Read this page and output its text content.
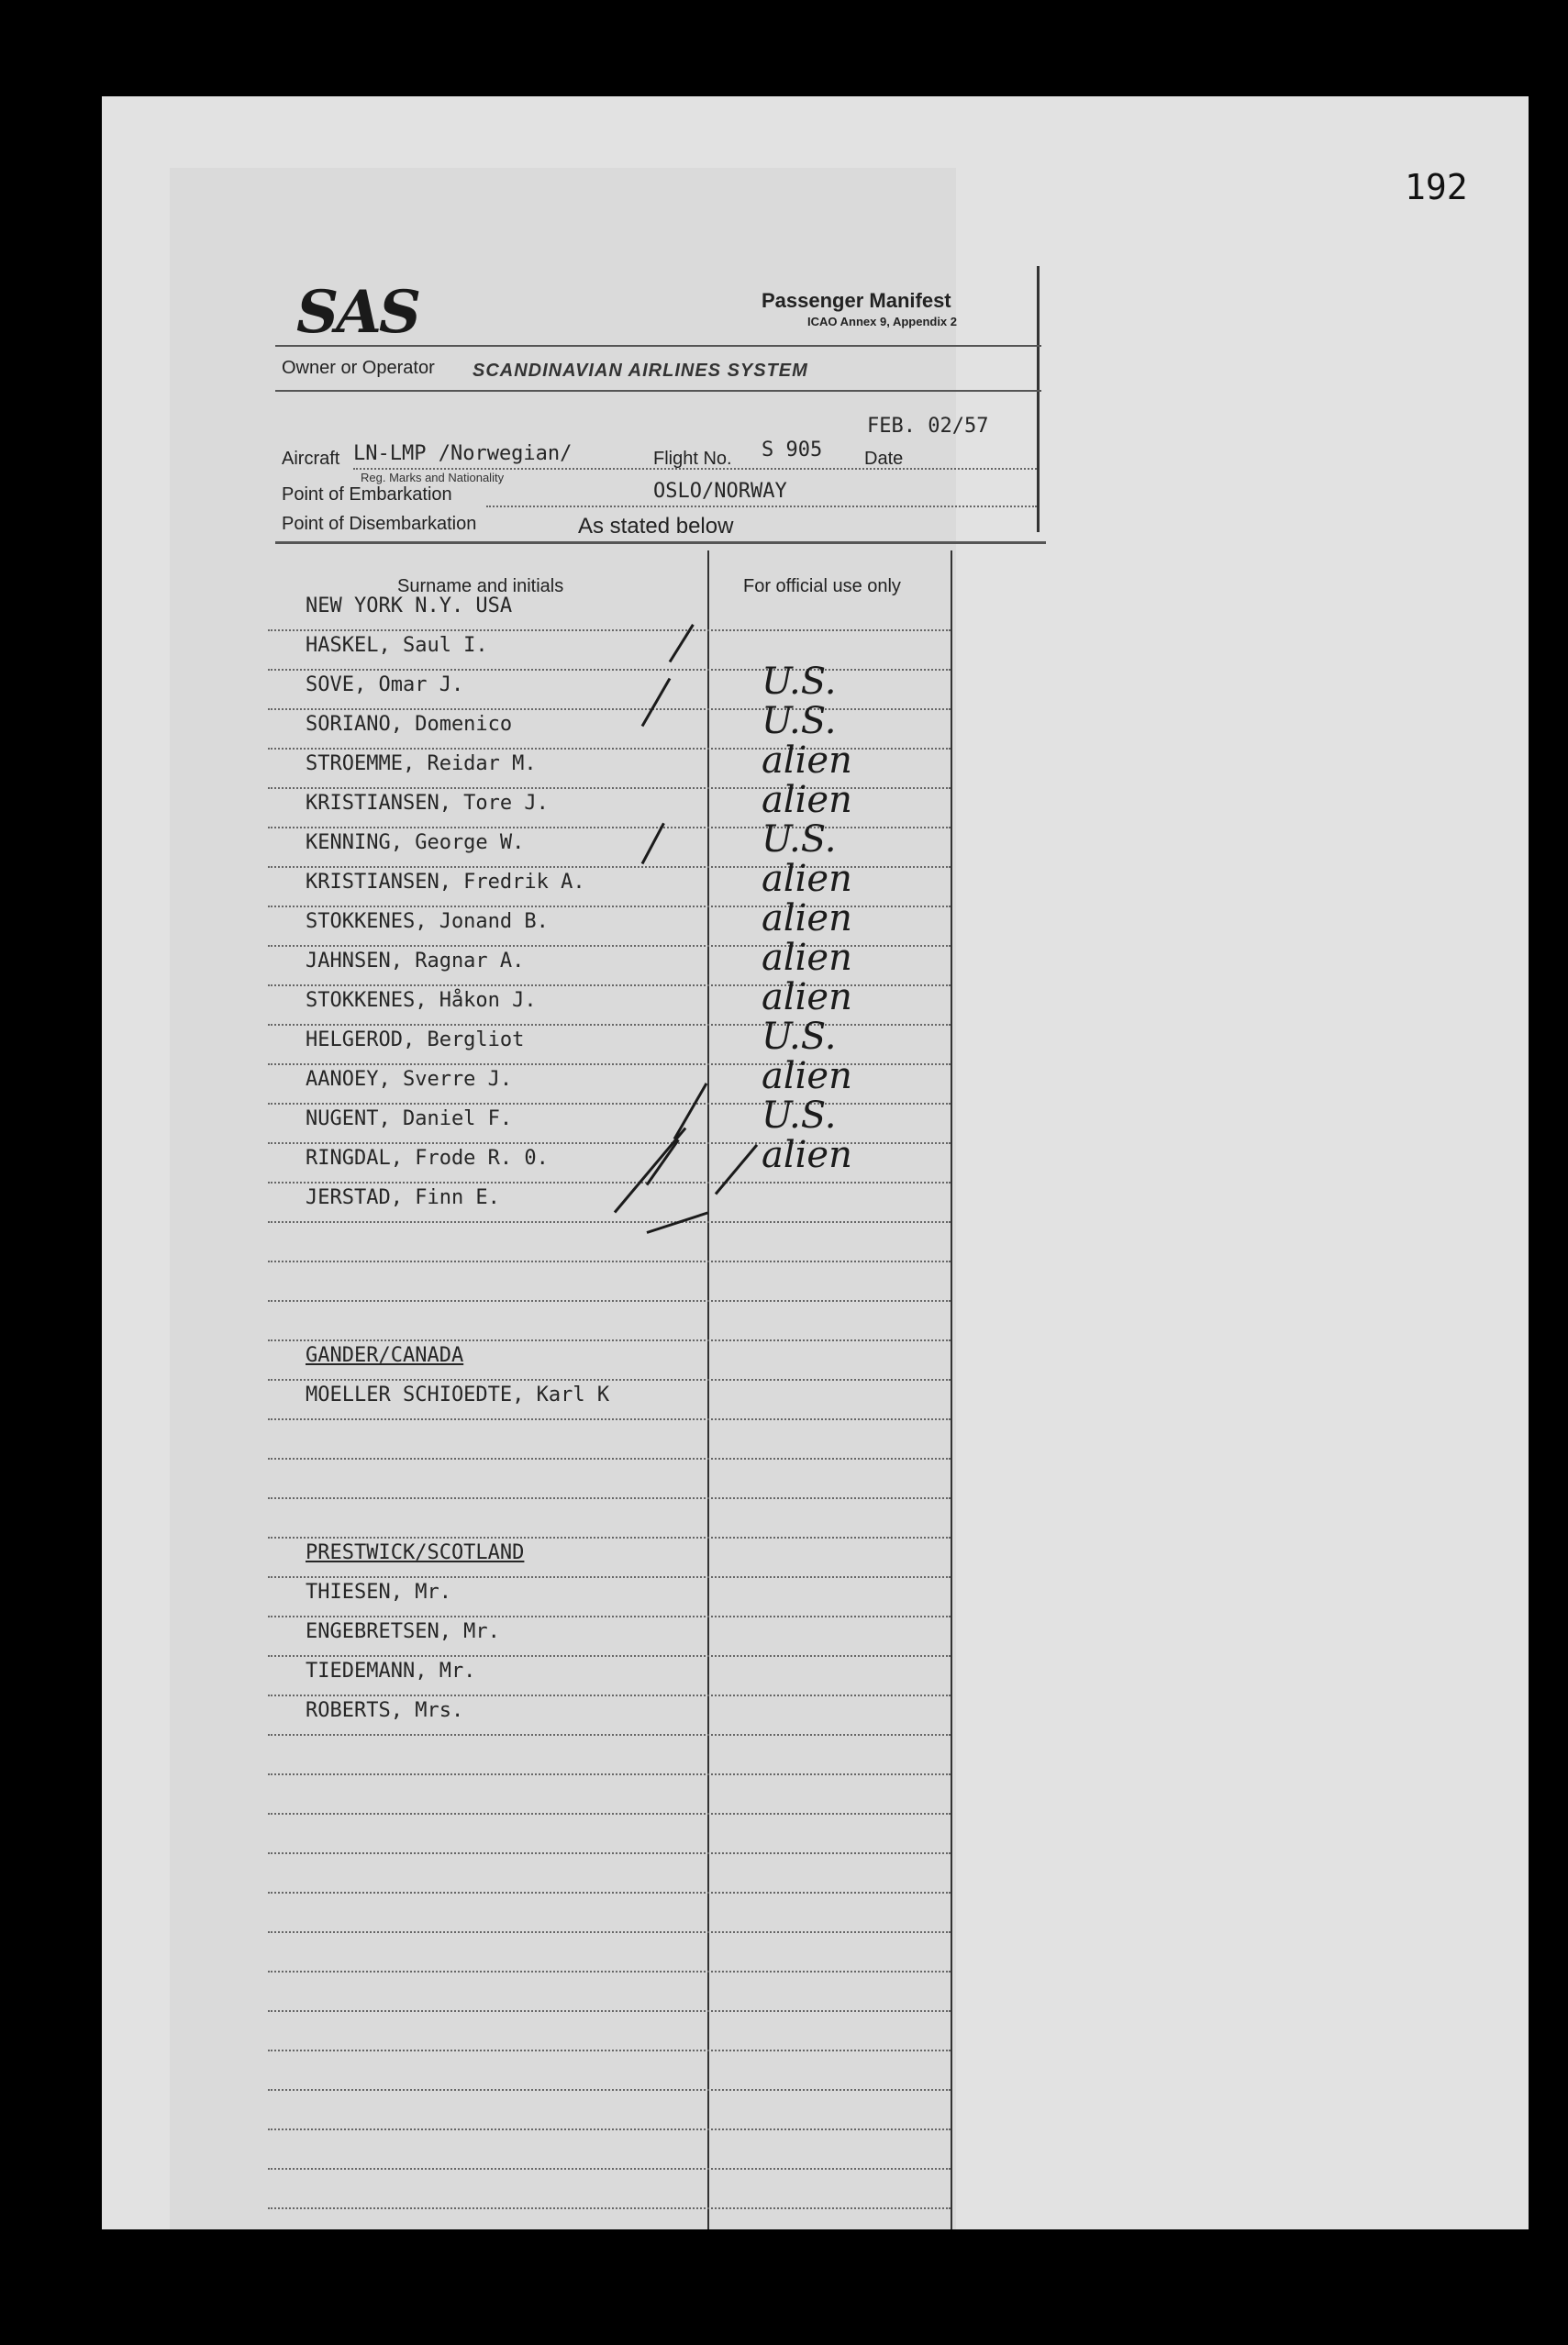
192
SAS	Passenger Manifest
ICAO Annex 9, Appendix 2
Owner or Operator SCANDINAVIAN AIRLINES SYSTEM
FEB. 02/57
Aircraft LN-LMP /Norwegian/
Reg. Marks and Nationality
Flight No. S 905 Date
Point of Embarkation	OSLO/NORWAY
Point of Disembarkation	As stated below
Surname and initials	For official use only
NEW YORK N.Y. USA
HASKEL, Saul I.
SOVE, Omar J.	U.S.
SORIANO, Domenico	U.S.
STROEMME, Reidar M.	alien
KRISTIANSEN, Tore J.	alien
KENNING, George W.	U.S.
KRISTIANSEN, Fredrik A.	alien
STOKKENES, Jonand B.	alien
JAHNSEN, Ragnar A.	alien
STOKKENES, Håkon J.	alien
HELGEROD, Bergliot	U.S.
AANOEY, Sverre J.	alien
NUGENT, Daniel F.	U.S.
RINGDAL, Frode R. 0.	alien
JERSTAD, Finn E.
GANDER/CANADA
MOELLER SCHIOEDTE, Karl K
PRESTWICK/SCOTLAND
THIESEN, Mr.
ENGEBRETSEN, Mr.
TIEDEMANN, Mr.
ROBERTS, Mrs.
